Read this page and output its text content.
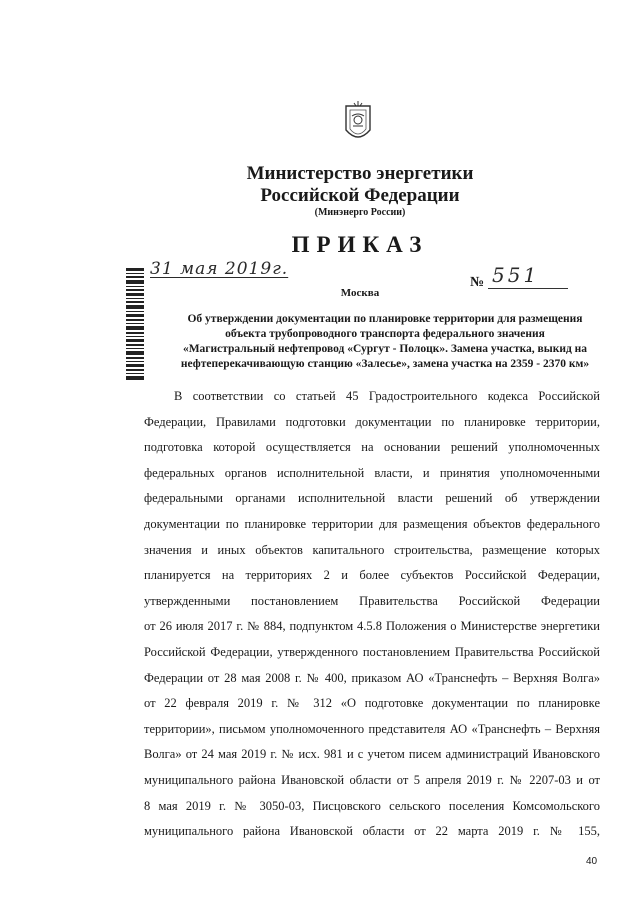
Министерство энергетики
Российской Федерации
(Минэнерго России)
ПРИКАЗ
31 мая 2019г.
№ 551
Москва
Об утверждении документации по планировке территории для размещения
объекта трубопроводного транспорта федерального значения
«Магистральный нефтепровод «Сургут - Полоцк». Замена участка, выкид на
нефтеперекачивающую станцию «Залесье», замена участка на 2359 - 2370 км»
В соответствии со статьей 45 Градостроительного кодекса Российской
Федерации, Правилами подготовки документации по планировке территории,
подготовка которой осуществляется на основании решений уполномоченных
федеральных органов исполнительной власти, и принятия уполномоченными
федеральными органами исполнительной власти решений об утверждении
документации по планировке территории для размещения объектов федерального
значения и иных объектов капитального строительства, размещение которых
планируется на территориях 2 и более субъектов Российской Федерации,
утвержденными постановлением Правительства Российской Федерации
от 26 июля 2017 г. № 884, подпунктом 4.5.8 Положения о Министерстве энергетики
Российской Федерации, утвержденного постановлением Правительства Российской
Федерации от 28 мая 2008 г. № 400, приказом АО «Транснефть – Верхняя Волга»
от 22 февраля 2019 г. № 312 «О подготовке документации по планировке
территории», письмом уполномоченного представителя АО «Транснефть – Верхняя
Волга» от 24 мая 2019 г. № исх. 981 и с учетом писем администраций Ивановского
муниципального района Ивановской области от 5 апреля 2019 г. № 2207-03 и от
8 мая 2019 г. № 3050-03, Писцовского сельского поселения Комсомольского
муниципального района Ивановской области от 22 марта 2019 г. № 155,
40
